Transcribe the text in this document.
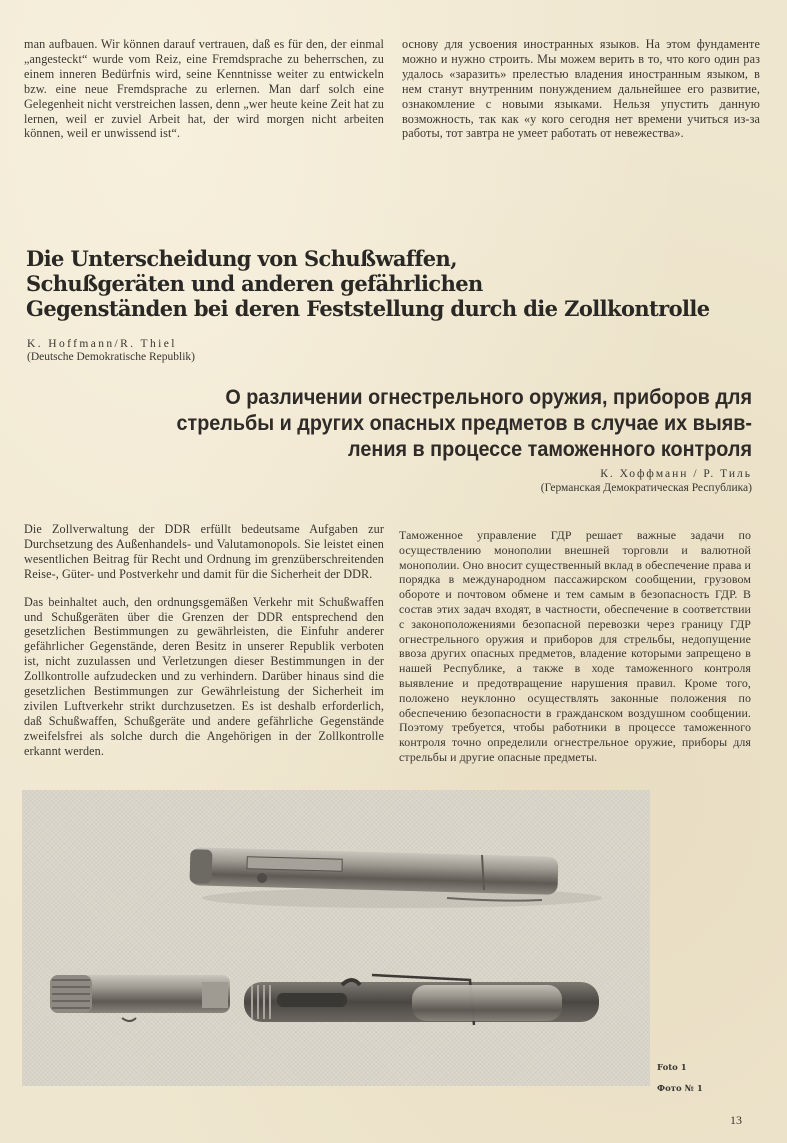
man aufbauen. Wir können darauf vertrauen, daß es für den, der einmal „angesteckt“ wurde vom Reiz, eine Fremdsprache zu beherrschen, zu einem inneren Bedürfnis wird, seine Kenntnisse weiter zu entwickeln bzw. eine neue Fremdsprache zu erlernen. Man darf solch eine Gelegenheit nicht verstreichen lassen, denn „wer heute keine Zeit hat zu lernen, weil er zuviel Arbeit hat, der wird morgen nicht arbeiten können, weil er unwissend ist“.

основу для усвоения иностранных языков. На этом фундаменте можно и нужно строить. Мы можем верить в то, что кого один раз удалось «заразить» прелестью владения иностранным языком, в нем станут внутренним понуждением дальнейшее его развитие, ознакомление с новыми языками. Нельзя упустить данную возможность, так как «у кого сегодня нет времени учиться из-за работы, тот завтра не умеет работать от невежества».

Die Unterscheidung von Schußwaffen,
Schußgeräten und anderen gefährlichen
Gegenständen bei deren Feststellung durch die Zollkontrolle
K. Hoffmann/R. Thiel
(Deutsche Demokratische Republik)
О различении огнестрельного оружия, приборов для
стрельбы и других опасных предметов в случае их выяв-
ления в процессе таможенного контроля
К. Хоффманн / Р. Тиль
(Германская Демократическая Республика)

Die Zollverwaltung der DDR erfüllt bedeutsame Aufgaben zur Durchsetzung des Außenhandels- und Valutamonopols. Sie leistet einen wesentlichen Beitrag für Recht und Ordnung im grenzüberschreitenden Reise-, Güter- und Postverkehr und damit für die Sicherheit der DDR.

Das beinhaltet auch, den ordnungsgemäßen Verkehr mit Schußwaffen und Schußgeräten über die Grenzen der DDR entsprechend den gesetzlichen Bestimmungen zu gewährleisten, die Einfuhr anderer gefährlicher Gegenstände, deren Besitz in unserer Republik verboten ist, nicht zuzulassen und Verletzungen dieser Bestimmungen in der Zollkontrolle aufzudecken und zu verhindern. Darüber hinaus sind die gesetzlichen Bestimmungen zur Gewährleistung der Sicherheit im zivilen Luftverkehr strikt durchzusetzen. Es ist deshalb erforderlich, daß Schußwaffen, Schußgeräte und andere gefährliche Gegenstände zweifelsfrei als solche durch die Angehörigen in der Zollkontrolle erkannt werden.

Таможенное управление ГДР решает важные задачи по осуществлению монополии внешней торговли и валютной монополии. Оно вносит существенный вклад в обеспечение права и порядка в международном пассажирском сообщении, грузовом обороте и почтовом обмене и тем самым в безопасность ГДР. В состав этих задач входят, в частности, обеспечение в соответствии с законоположениями безопасной перевозки через границу ГДР огнестрельного оружия и приборов для стрельбы, недопущение ввоза других опасных предметов, владение которыми запрещено в нашей Республике, а также в ходе таможенного контроля выявление и предотвращение нарушения правил. Кроме того, положено неуклонно осуществлять законные положения по обеспечению безопасности в гражданском воздушном сообщении. Поэтому требуется, чтобы работники в процессе таможенного контроля точно определили огнестрельное оружие, приборы для стрельбы и другие опасные предметы.

Foto 1
Фото № 1
13
